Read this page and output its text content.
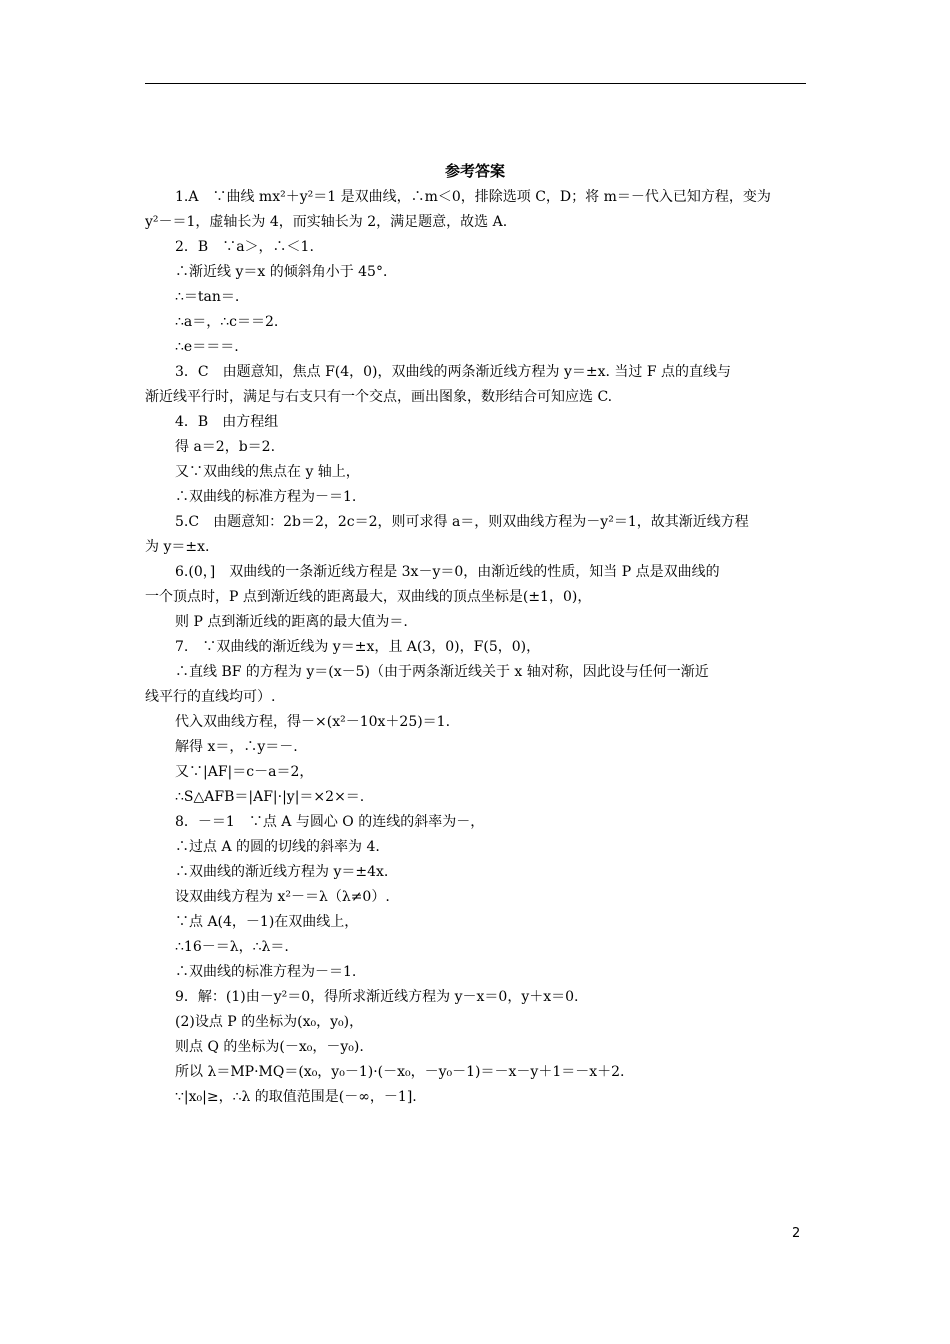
参考答案
1.A　∵曲线 mx²＋y²＝1 是双曲线，∴m＜0，排除选项 C，D；将 m＝－代入已知方程，变为
y²－＝1，虚轴长为 4，而实轴长为 2，满足题意，故选 A.
2．B　∵a＞，∴＜1.
∴渐近线 y＝x 的倾斜角小于 45°．
∴＝tan＝.
∴a＝，∴c＝＝2.
∴e＝＝＝.
3．C　由题意知，焦点 F(4，0)，双曲线的两条渐近线方程为 y＝±x. 当过 F 点的直线与
渐近线平行时，满足与右支只有一个交点，画出图象，数形结合可知应选 C.
4．B　由方程组
得 a＝2，b＝2.
又∵双曲线的焦点在 y 轴上，
∴双曲线的标准方程为－＝1.
5.C　由题意知：2b＝2，2c＝2，则可求得 a＝，则双曲线方程为－y²＝1，故其渐近线方程
为 y＝±x.
6.(0，]　双曲线的一条渐近线方程是 3x－y＝0，由渐近线的性质，知当 P 点是双曲线的
一个顶点时，P 点到渐近线的距离最大，双曲线的顶点坐标是(±1，0)，
则 P 点到渐近线的距离的最大值为＝.
7.　∵双曲线的渐近线为 y＝±x，且 A(3，0)，F(5，0)，
∴直线 BF 的方程为 y＝(x－5)（由于两条渐近线关于 x 轴对称，因此设与任何一渐近
线平行的直线均可）.
代入双曲线方程，得－×(x²－10x＋25)＝1.
解得 x＝，∴y＝－.
又∵|AF|＝c－a＝2，
∴S△AFB＝|AF|·|y|＝×2×＝.
8．－＝1　∵点 A 与圆心 O 的连线的斜率为－，
∴过点 A 的圆的切线的斜率为 4.
∴双曲线的渐近线方程为 y＝±4x.
设双曲线方程为 x²－＝λ（λ≠0）.
∵点 A(4，－1)在双曲线上，
∴16－＝λ，∴λ＝.
∴双曲线的标准方程为－＝1.
9．解：(1)由－y²＝0，得所求渐近线方程为 y－x＝0，y＋x＝0.
(2)设点 P 的坐标为(x₀，y₀)，
则点 Q 的坐标为(－x₀，－y₀).
所以 λ＝MP·MQ＝(x₀，y₀－1)·(－x₀，－y₀－1)＝－x－y＋1＝－x＋2.
∵|x₀|≥，∴λ 的取值范围是(－∞，－1].
2
